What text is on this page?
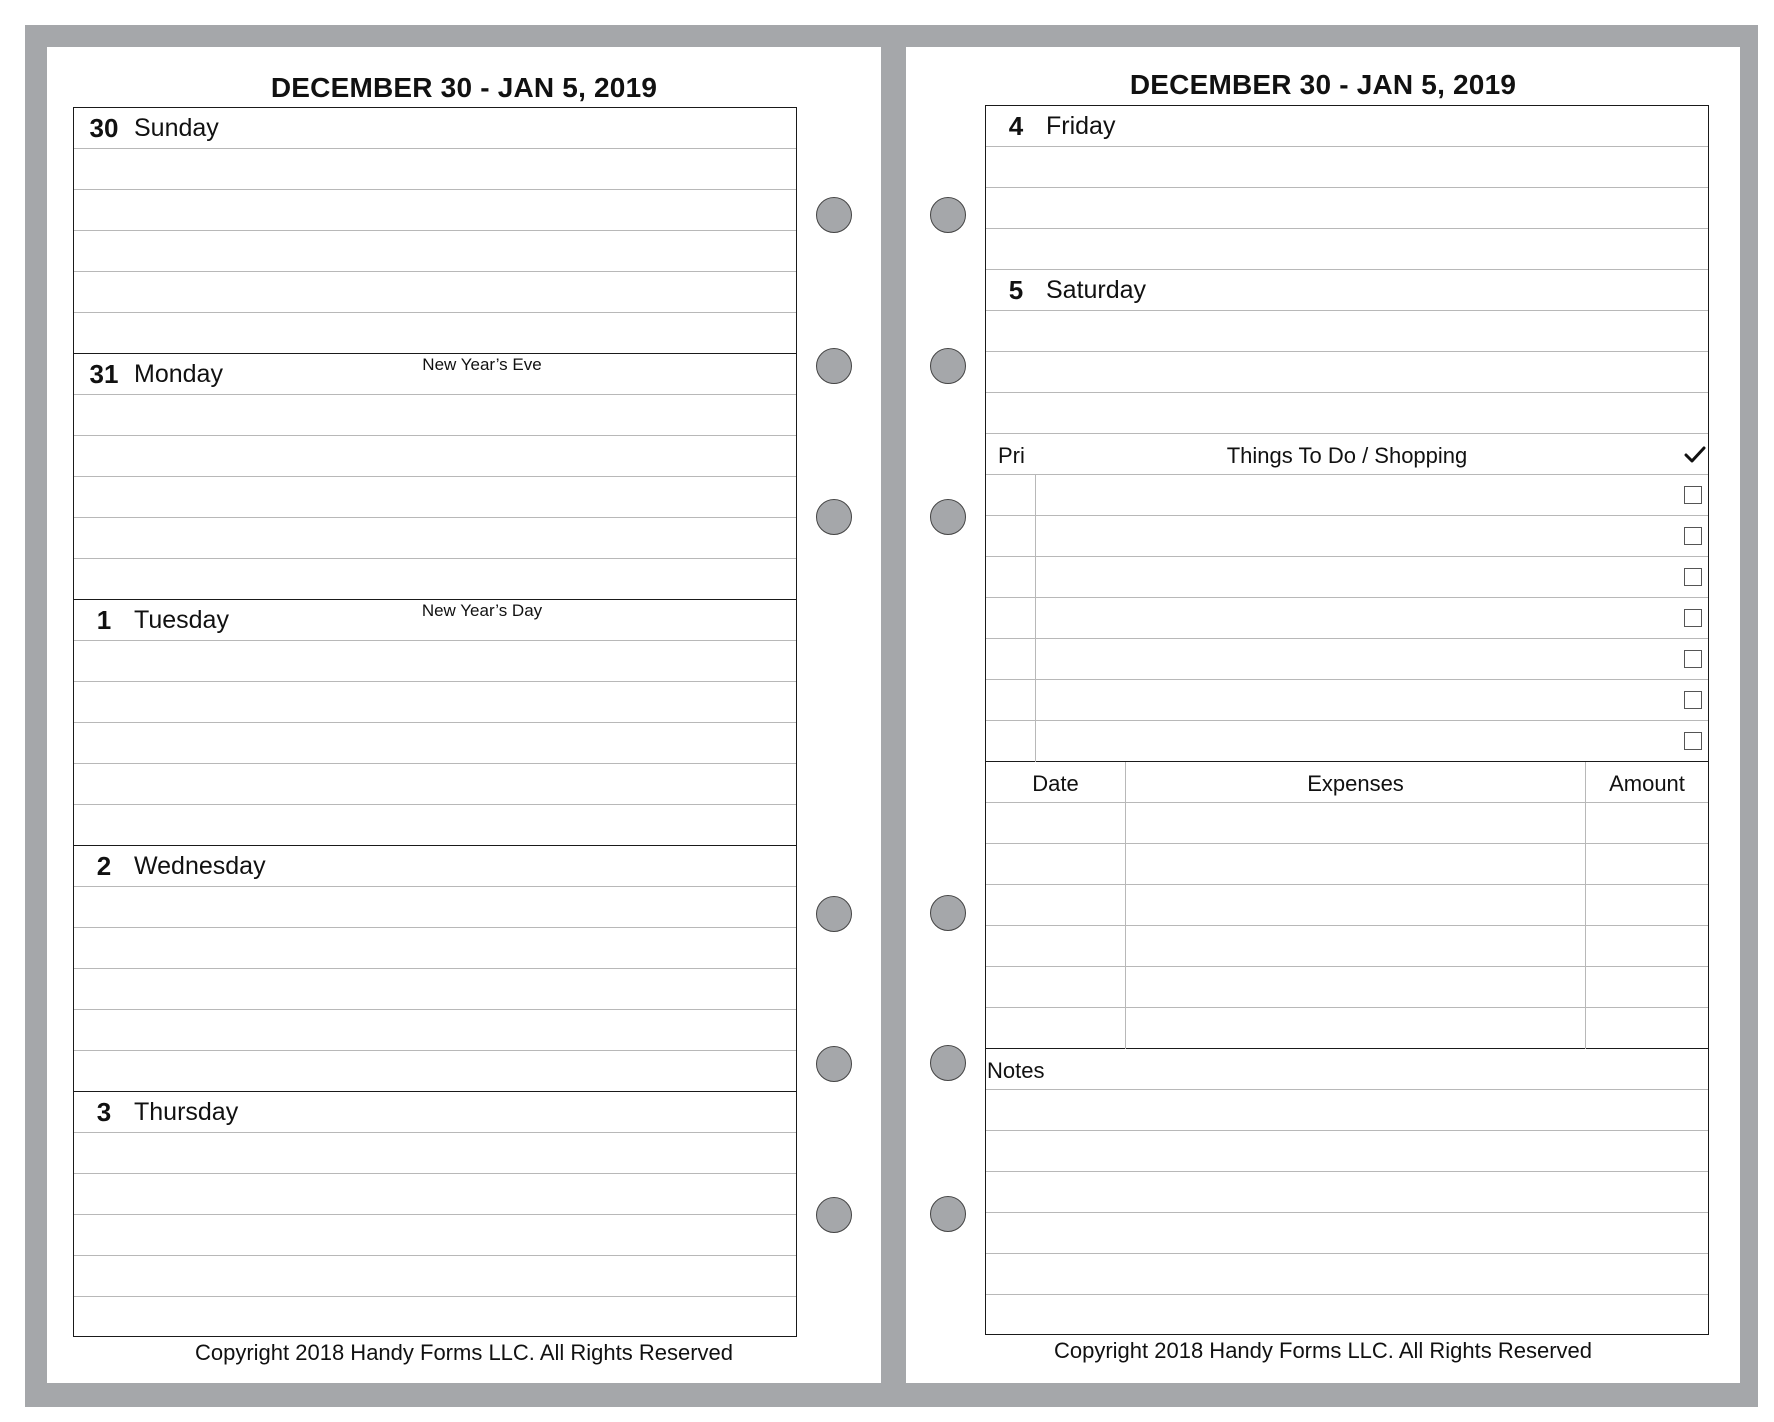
DECEMBER 30 - JAN 5, 2019
30 Sunday
31 Monday	New Year’s Eve
1 Tuesday	New Year’s Day
2 Wednesday
3 Thursday
Copyright 2018 Handy Forms LLC. All Rights Reserved
DECEMBER 30 - JAN 5, 2019
4 Friday
5 Saturday
Pri	Things To Do / Shopping
Date	Expenses	Amount
Notes
Copyright 2018 Handy Forms LLC. All Rights Reserved
